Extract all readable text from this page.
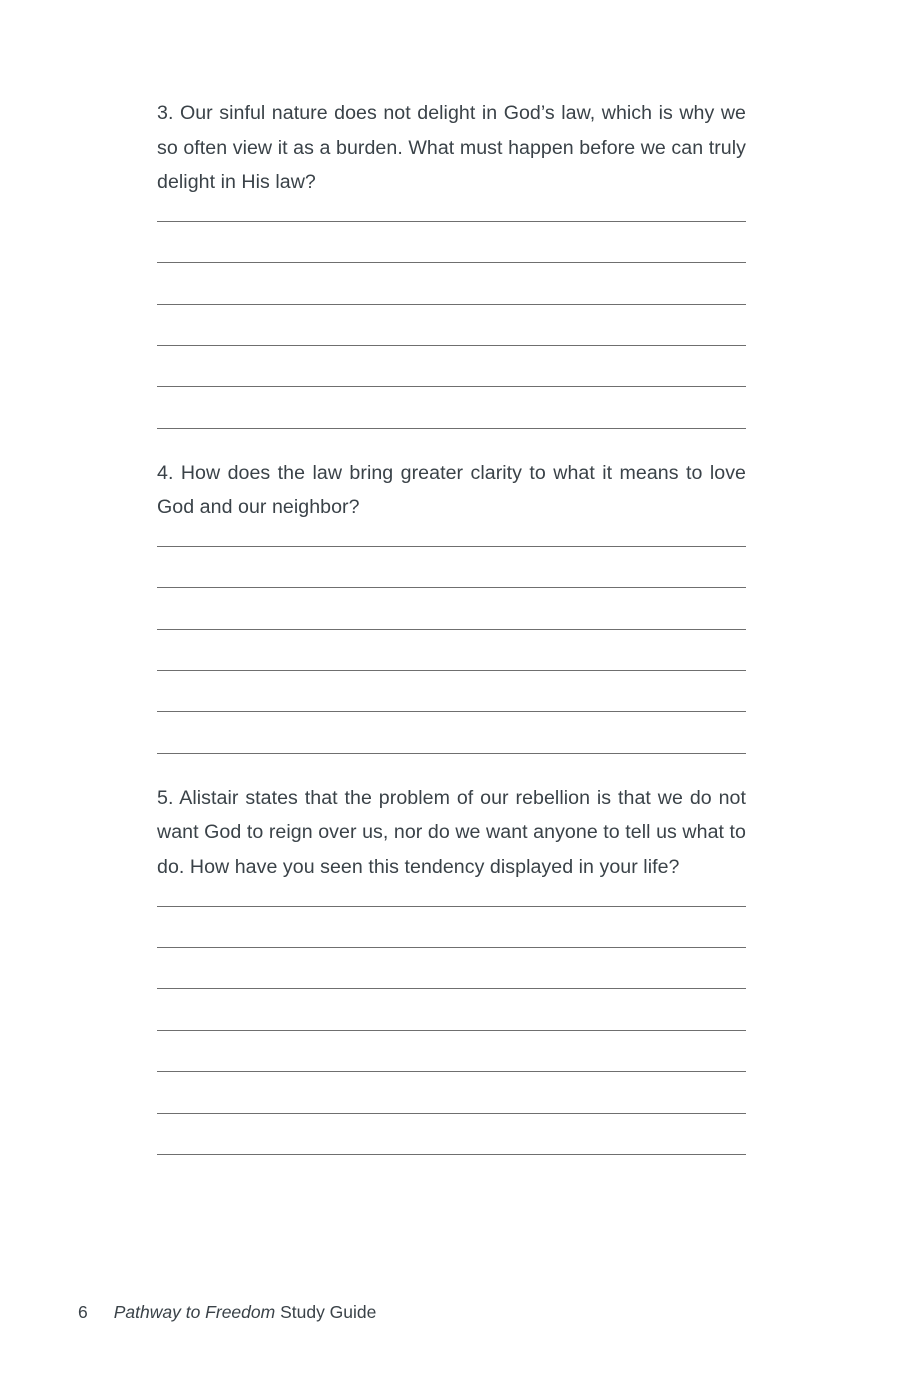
3. Our sinful nature does not delight in God’s law, which is why we so often view it as a burden. What must happen before we can truly delight in His law?

4. How does the law bring greater clarity to what it means to love God and our neighbor?

5. Alistair states that the problem of our rebellion is that we do not want God to reign over us, nor do we want anyone to tell us what to do. How have you seen this tendency displayed in your life?

6 Pathway to Freedom Study Guide
